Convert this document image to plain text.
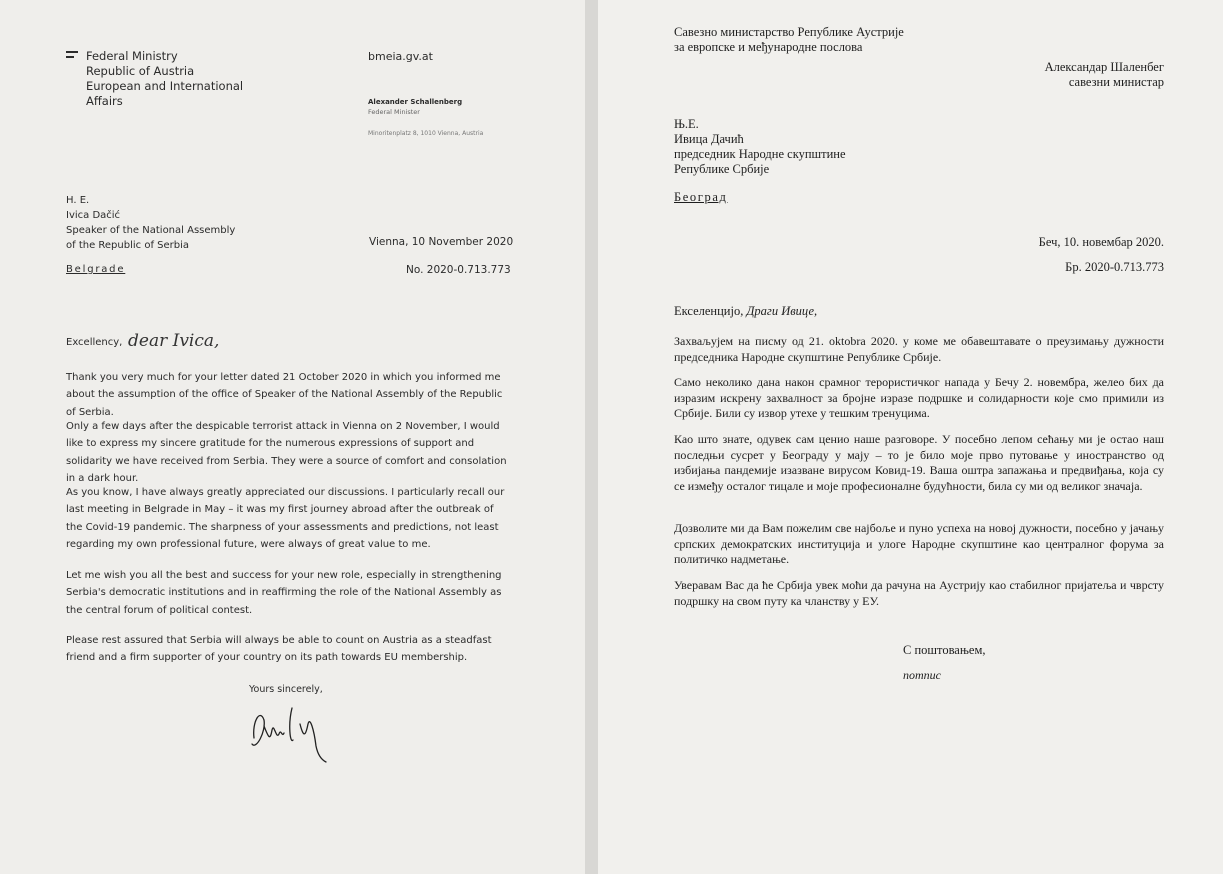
Federal Ministry
Republic of Austria
European and International
Affairs
bmeia.gv.at
Alexander Schallenberg
Federal Minister
Minoritenplatz 8, 1010 Vienna, Austria
H. E.
Ivica Dačić
Speaker of the National Assembly
of the Republic of Serbia	Vienna, 10 November 2020
Belgrade	No. 2020-0.713.773
Excellency, dear Ivica,

Thank you very much for your letter dated 21 October 2020 in which you informed me about the assumption of the office of Speaker of the National Assembly of the Republic of Serbia.

Only a few days after the despicable terrorist attack in Vienna on 2 November, I would like to express my sincere gratitude for the numerous expressions of support and solidarity we have received from Serbia. They were a source of comfort and consolation in a dark hour.

As you know, I have always greatly appreciated our discussions. I particularly recall our last meeting in Belgrade in May – it was my first journey abroad after the outbreak of the Covid-19 pandemic. The sharpness of your assessments and predictions, not least regarding my own professional future, were always of great value to me.

Let me wish you all the best and success for your new role, especially in strengthening Serbia's democratic institutions and in reaffirming the role of the National Assembly as the central forum of political contest.

Please rest assured that Serbia will always be able to count on Austria as a steadfast friend and a firm supporter of your country on its path towards EU membership.

Yours sincerely,
Савезно министарство Републике Аустрије
за европске и међународне послова
Александар Шаленбег
савезни министар
Њ.Е.
Ивица Дачић
председник Народне скупштине
Републике Србије
Београд
Беч, 10. новембар 2020.
Бр. 2020-0.713.773
Екселенцијо, Драги Ивице,

Захваљујем на писму од 21. oktobra 2020. у коме ме обавештавате о преузимању дужности председника Народне скупштине Републике Србије.

Само неколико дана након срамног терористичког напада у Бечу 2. новембра, желео бих да изразим искрену захвалност за бројне изразе подршке и солидарности које смо примили из Србије. Били су извор утехе у тешким тренуцима.

Као што знате, одувек сам ценио наше разговоре. У посебно лепом сећању ми је остао наш последњи сусрет у Београду у мају – то је било моје прво путовање у иностранство од избијања пандемије изазване вирусом Ковид-19. Ваша оштра запажања и предвиђања, која су се између осталог тицале и моје професионалне будућности, била су ми од великог значаја.

Дозволите ми да Вам пожелим све најбоље и пуно успеха на новој дужности, посебно у јачању српских демократских институција и улоге Народне скупштине као централног форума за политичко надметање.

Уверавам Вас да ће Србија увек моћи да рачуна на Аустрију као стабилног пријатеља и чврсту подршку на свом путу ка чланству у ЕУ.

С поштовањем,
потпис
